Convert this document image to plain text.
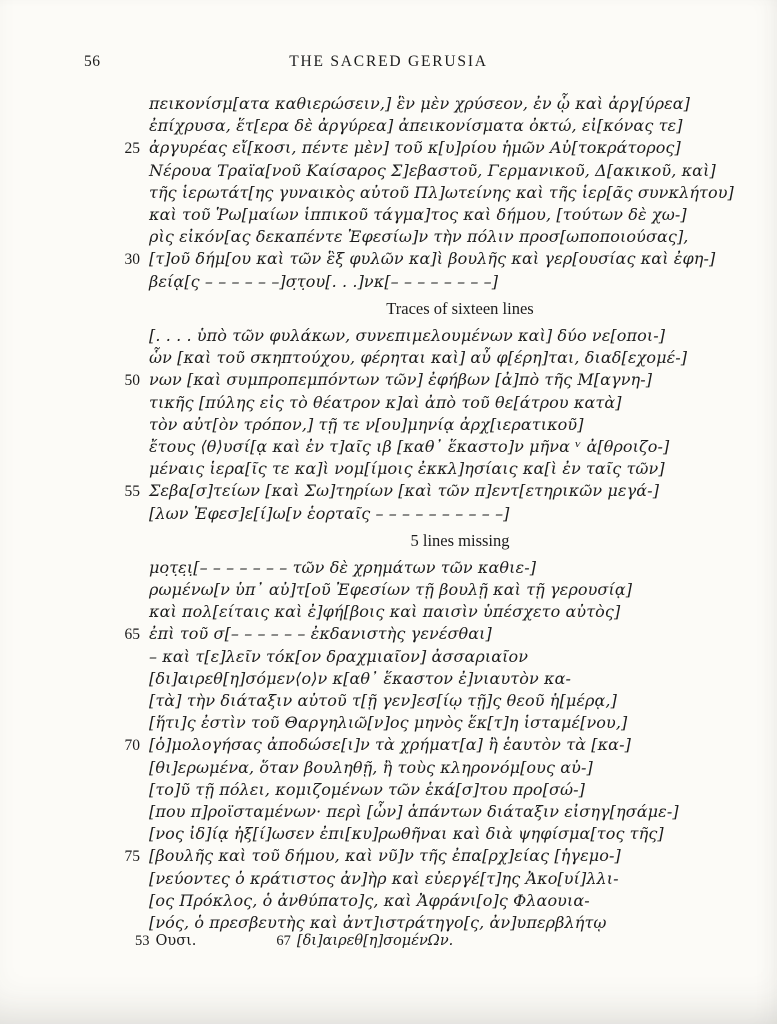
56	THE SACRED GERUSIA
πεικονίσμ[ατα καθιερώσειν,] ἓν μὲν χρύσεον, ἐν ᾧ καὶ ἀργ[ύρεα]
ἐπίχρυσα, ἕτ[ερα δὲ ἀργύρεα] ἀπεικονίσματα ὀκτώ, εἰ[κόνας τε]
25 ἀργυρέας εἴ[κοσι, πέντε μὲν] τοῦ κ[υ]ρίου ἡμῶν Αὐ[τοκράτορος]
Νέρουα Τραϊα[νοῦ Καίσαρος Σ]εβαστοῦ, Γερμανικοῦ, Δ[ακικοῦ, καὶ]
τῆς ἱερωτάτ[ης γυναικὸς αὐτοῦ Πλ]ωτείνης καὶ τῆς ἱερ[ᾶς συνκλήτου]
καὶ τοῦ Ῥω[μαίων ἱππικοῦ τάγμα]τος καὶ δήμου, [τούτων δὲ χω-]
ρὶς εἰκόν[ας δεκαπέντε Ἐφεσίω]ν τὴν πόλιν προσ[ωποποιούσας],
30 [τ]οῦ δήμ[ου καὶ τῶν ἓξ φυλῶν κα]ὶ βουλῆς καὶ γερ[ουσίας καὶ ἐφη-]
βείᾳ[ς – – – – – –]σ̣τ̣ου[. . .]νκ[– – – – – – – –]
Traces of sixteen lines
[. . . . ὑπὸ τῶν φυλάκων, συνεπιμελουμένων καὶ] δύο νε[οποι-]
ὧν [καὶ τοῦ σκηπτούχου, φέρηται καὶ] αὖ φ[έρη]ται, διαδ[εχομέ-]
50 νων [καὶ συμπροπεμπόντων τῶν] ἐφήβων [ἀ]πὸ τῆς Μ[αγνη-]
τικῆς [πύλης εἰς τὸ θέατρον κ]αὶ ἀπὸ τοῦ θε[άτρου κατὰ]
τὸν αὐτ[ὸν τρόπον,] τῇ τε ν[ου]μηνίᾳ ἀρχ[ιερατικοῦ]
ἔτους ⟨θ⟩υσί[ᾳ καὶ ἐν τ]αῖς ιβ [καθ᾽ ἕκαστο]ν μῆνα ᵛ ἀ[θροιζο-]
μέναις ἱερα[ῖς τε κα]ὶ νομ[ίμοις ἐκκλ]ησίαις κα[ὶ ἐν ταῖς τῶν]
55 Σεβα[σ]τείων [καὶ Σω]τηρίων [καὶ τῶν π]εντ[ετηρικῶν μεγά-]
[λων Ἐφεσ]ε[ί]ω[ν ἑορταῖς – – – – – – – – – –]
5 lines missing
μο̣τ̣ε̣ι̣[– – – – – – – τῶν δὲ χρημάτων τῶν καθιε-]
ρωμένω[ν ὑπ᾽ αὐ]τ[οῦ Ἐφεσίων τῇ βουλῇ καὶ τῇ γερουσίᾳ]
καὶ πολ[είταις καὶ ἐ]φή[βοις καὶ παισὶν ὑπέσχετο αὐτὸς]
65 ἐπὶ τοῦ σ[– – – – – – ἐκδανιστὴς γενέσθαι]
– καὶ τ[ε]λεῖν τόκ[ον δραχμιαῖον] ἀσσαριαῖον
[δι]αιρεθ[η]σόμεν⟨ο⟩ν κ[αθ᾽ ἕκαστον ἐ]νιαυτὸν κα-
[τὰ] τὴν διάταξιν αὐτοῦ τ[ῇ γεν]εσ[ίῳ τῇ]ς θεοῦ ἡ[μέρᾳ,]
[ἥτι]ς ἐστὶν τοῦ Θαργηλιῶ[ν]ος μηνὸς ἕκ[τ]η ἱσταμέ[νου,]
70 [ὁ]μολογήσας ἀποδώσε[ι]ν τὰ χρήματ[α] ἢ ἑαυτὸν τὰ [κα-]
[θι]ερωμένα, ὅταν βουληθῇ, ἢ τοὺς κληρονόμ[ους αὐ-]
[το]ῦ τῇ πόλει, κομιζομένων τῶν ἑκά[σ]του προ[σώ-]
[που π]ροϊσταμένων· περὶ [ὧν] ἁπάντων διάταξιν εἰσηγ[ησάμε-]
[νος ἰδ]ίᾳ ἠξ[ί]ωσεν ἐπι[κυ]ρωθῆναι καὶ διὰ ψηφίσμα[τος τῆς]
75 [βουλῆς καὶ τοῦ δήμου, καὶ νῦ]ν τῆς ἐπα[ρχ]είας [ἡγεμο-]
[νεύοντες ὁ κράτιστος ἀν]ὴρ καὶ εὐεργέ[τ]ης Ἀκο[υί]λλι-
[ος Πρόκλος, ὁ ἀνθύπατο]ς, καὶ Ἀφράνι[ο]ς Φλαουια-
[νός, ὁ πρεσβευτὴς καὶ ἀντ]ιστράτηγο[ς, ἀν]υπερβλήτῳ
53 Ουσι.	67 [δι]αιρεθ[η]σομένΩν.
